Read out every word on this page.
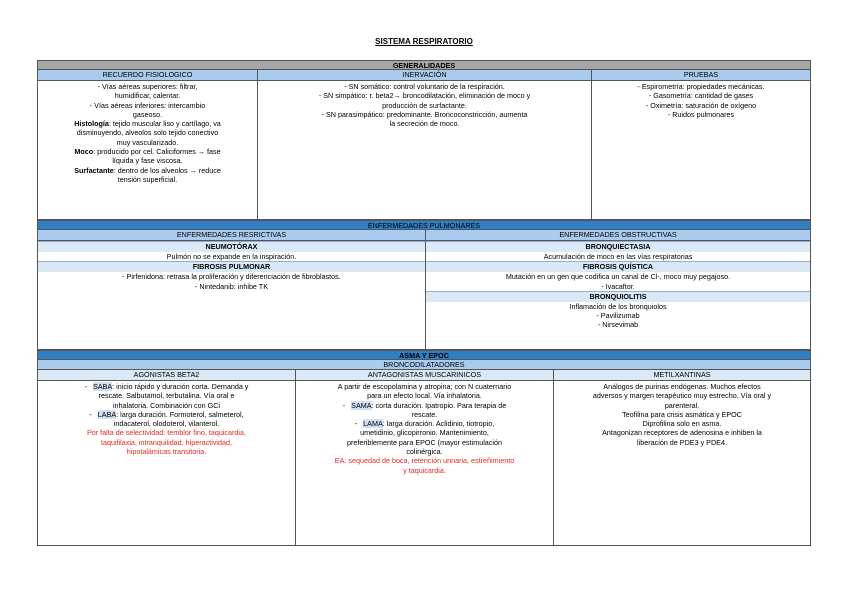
SISTEMA RESPIRATORIO
GENERALIDADES
RECUERDO FISIOLOGICO
- Vías aéreas superiores: filtrar,
humidificar, calentar.
- Vías aéreas inferiores: intercambio
gaseoso.
Histología: tejido muscular liso y cartílago, va
disminuyendo, alveolos solo tejido conectivo
muy vascularizado.
Moco: producido por cel. Caliciformes → fase
líquida y fase viscosa.
Surfactante: dentro de los alveolos → reduce
tensión superficial.
INERVACIÓN
- SN somático: control voluntario de la respiración.
- SN simpático: r. beta2→ broncodilatación, eliminación de moco y
producción de surfactante.
- SN parasimpático: predominante. Broncoconstricción, aumenta
la secreción de moco.
PRUEBAS
- Espirometría: propiedades mecánicas.
- Gasometría: cantidad de gases
- Oximetría: saturación de oxígeno
- Ruidos pulmonares
ENFERMEDADES PULMONARES
ENFERMEDADES RESRICTIVAS
NEUMOTÓRAX
Pulmón no se expande en la inspiración.
FIBROSIS PULMONAR
- Pirfenidona: retrasa la proliferación y diferenciación de fibroblastos.
- Nintedanib: inhibe TK
ENFERMEDADES OBSTRUCTIVAS
BRONQUIECTASIA
Acumulación de moco en las vías respiratorias
FIBROSIS QUÍSTICA
Mutación en un gen que codifica un canal de Cl-, moco muy pegajoso.
- Ivacaftor.
BRONQUIOLITIS
Inflamación de los bronquiolos
- Pavilizumab
- Nirsevimab
ASMA Y EPOC
BRONCODILATADORES
AGONISTAS BETA2
-   SABA: inicio rápido y duración corta. Demanda y
rescate. Salbutamol, terbutalina. Vía oral e
inhalatoria. Combinación con GCi
-   LABA: larga duración. Formoterol, salmeterol,
indacaterol, olodoterol, vilanterol.
Por falta de selectividad: temblor fino, taquicardia,
taquifilaxia, intranquilidad, hiperactividad,
hipotalámicas transitoria.
ANTAGONISTAS MUSCARINICOS
A partir de escopolamina y atropina; con N cuaternario
para un efecto local. Vía inhalatoria.
-   SAMA: corta duración. Ipatropio. Para terapia de
rescate.
-   LAMA: larga duración. Aclidinio, tiotropio,
umetidinio, glicopirronio. Mantenimiento,
preferiblemente para EPOC (mayor estimulación
colinérgica.
EA: sequedad de boca, retención urinaria, estreñimiento
y taquicardia.
METILXANTINAS
Análogos de purinas endógenas. Muchos efectos
adversos y margen terapéutico muy estrecho. Vía oral y
parenteral.
Teofilina para crisis asmática y EPOC
Diprofilina solo en asma.
Antagonizan receptores de adenosina e inhiben la
liberación de PDE3 y PDE4.
